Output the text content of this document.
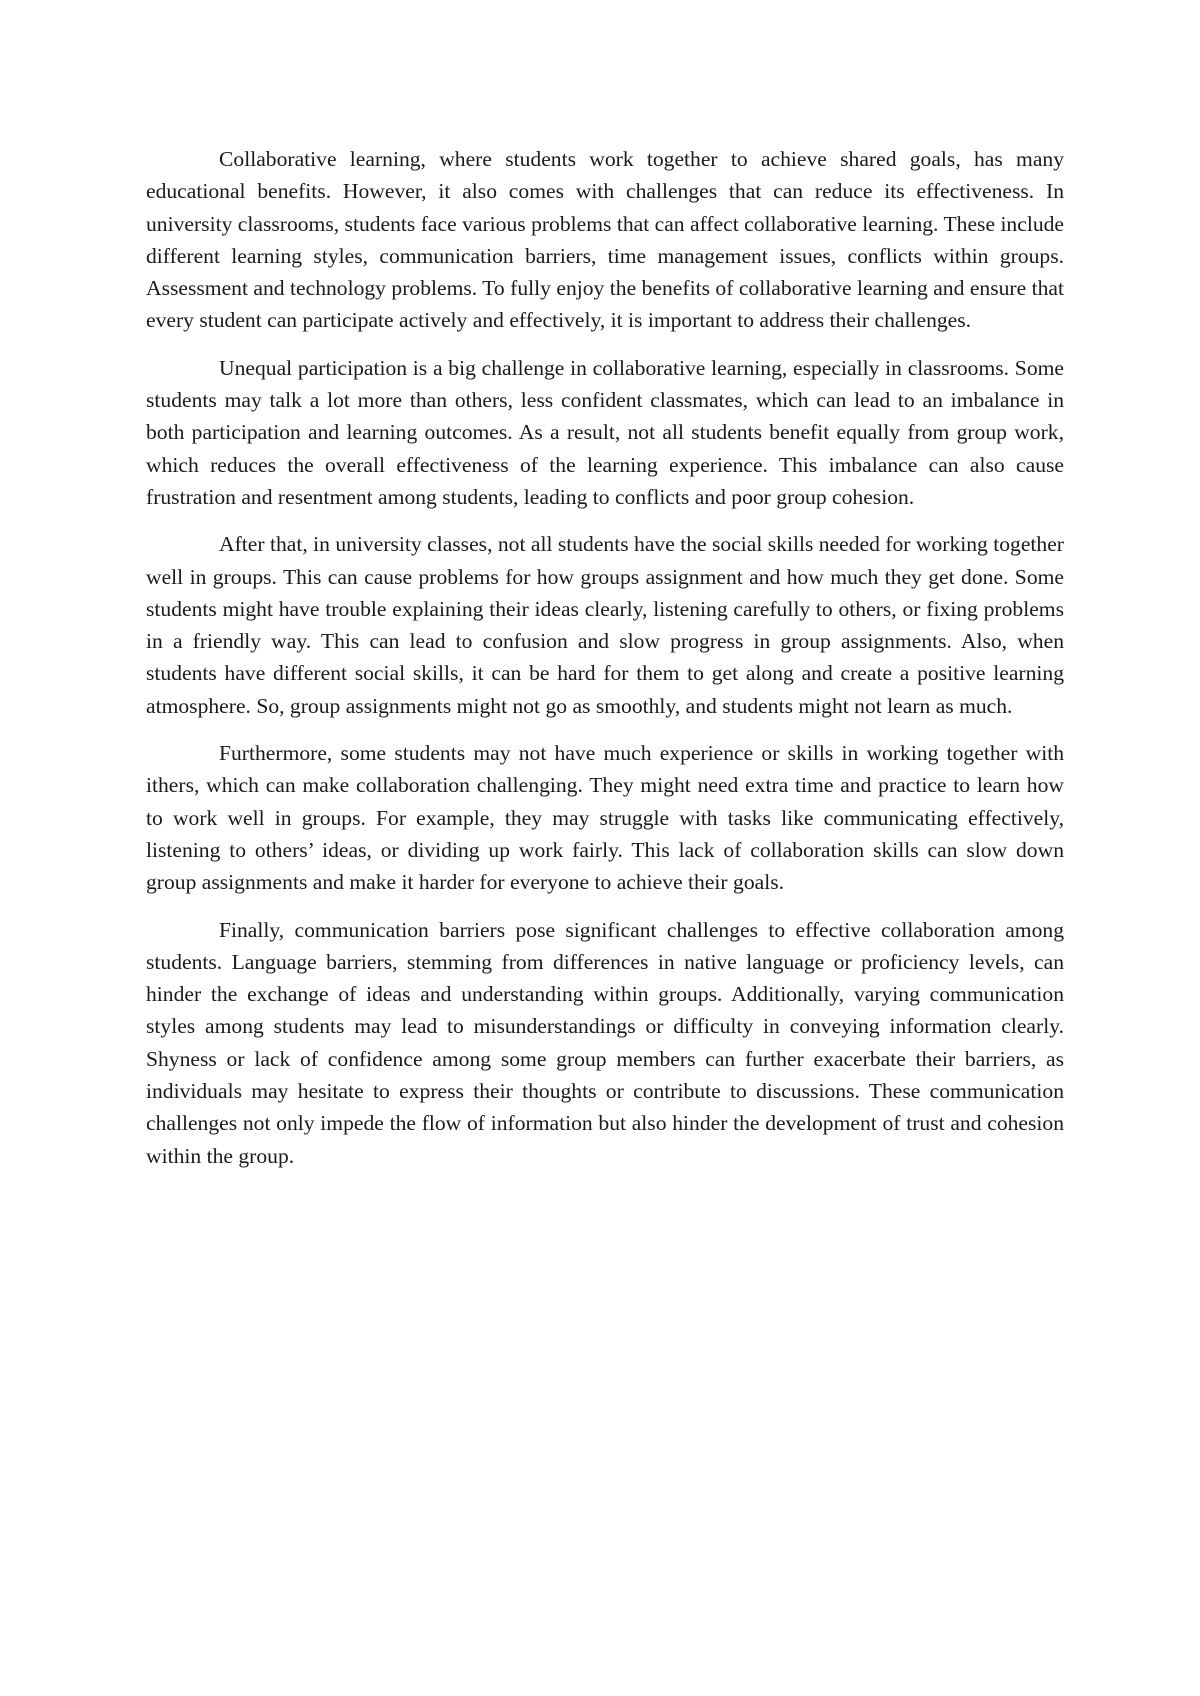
Collaborative learning, where students work together to achieve shared goals, has many educational benefits. However, it also comes with challenges that can reduce its effectiveness. In university classrooms, students face various problems that can affect collaborative learning. These include different learning styles, communication barriers, time management issues, conflicts within groups. Assessment and technology problems. To fully enjoy the benefits of collaborative learning and ensure that every student can participate actively and effectively, it is important to address their challenges.

Unequal participation is a big challenge in collaborative learning, especially in classrooms. Some students may talk a lot more than others, less confident classmates, which can lead to an imbalance in both participation and learning outcomes. As a result, not all students benefit equally from group work, which reduces the overall effectiveness of the learning experience. This imbalance can also cause frustration and resentment among students, leading to conflicts and poor group cohesion.

After that, in university classes, not all students have the social skills needed for working together well in groups. This can cause problems for how groups assignment and how much they get done. Some students might have trouble explaining their ideas clearly, listening carefully to others, or fixing problems in a friendly way. This can lead to confusion and slow progress in group assignments. Also, when students have different social skills, it can be hard for them to get along and create a positive learning atmosphere. So, group assignments might not go as smoothly, and students might not learn as much.

Furthermore, some students may not have much experience or skills in working together with ithers, which can make collaboration challenging. They might need extra time and practice to learn how to work well in groups. For example, they may struggle with tasks like communicating effectively, listening to others’ ideas, or dividing up work fairly. This lack of collaboration skills can slow down group assignments and make it harder for everyone to achieve their goals.

Finally, communication barriers pose significant challenges to effective collaboration among students. Language barriers, stemming from differences in native language or proficiency levels, can hinder the exchange of ideas and understanding within groups. Additionally, varying communication styles among students may lead to misunderstandings or difficulty in conveying information clearly. Shyness or lack of confidence among some group members can further exacerbate their barriers, as individuals may hesitate to express their thoughts or contribute to discussions. These communication challenges not only impede the flow of information but also hinder the development of trust and cohesion within the group.
